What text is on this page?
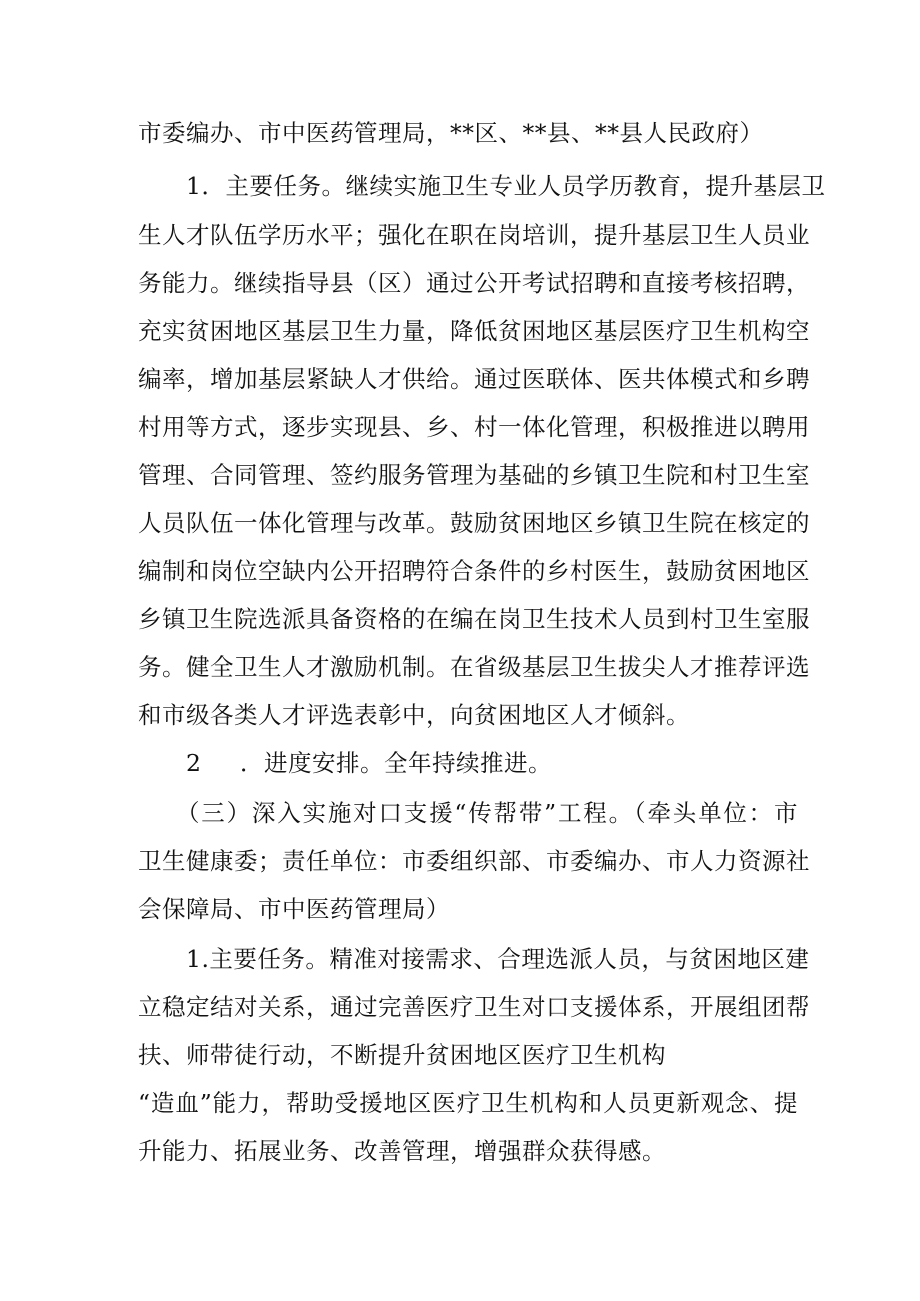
市委编办、市中医药管理局，**区、**县、**县人民政府）
1．主要任务。继续实施卫生专业人员学历教育，提升基层卫
生人才队伍学历水平；强化在职在岗培训，提升基层卫生人员业
务能力。继续指导县（区）通过公开考试招聘和直接考核招聘，
充实贫困地区基层卫生力量，降低贫困地区基层医疗卫生机构空
编率，增加基层紧缺人才供给。通过医联体、医共体模式和乡聘
村用等方式，逐步实现县、乡、村一体化管理，积极推进以聘用
管理、合同管理、签约服务管理为基础的乡镇卫生院和村卫生室
人员队伍一体化管理与改革。鼓励贫困地区乡镇卫生院在核定的
编制和岗位空缺内公开招聘符合条件的乡村医生，鼓励贫困地区
乡镇卫生院选派具备资格的在编在岗卫生技术人员到村卫生室服
务。健全卫生人才激励机制。在省级基层卫生拔尖人才推荐评选
和市级各类人才评选表彰中，向贫困地区人才倾斜。
2	．进度安排。全年持续推进。
（三）深入实施对口支援“传帮带”工程。（牵头单位：市
卫生健康委；责任单位：市委组织部、市委编办、市人力资源社
会保障局、市中医药管理局）
1.主要任务。精准对接需求、合理选派人员，与贫困地区建
立稳定结对关系，通过完善医疗卫生对口支援体系，开展组团帮
扶、师带徒行动，不断提升贫困地区医疗卫生机构
“造血”能力，帮助受援地区医疗卫生机构和人员更新观念、提
升能力、拓展业务、改善管理，增强群众获得感。
